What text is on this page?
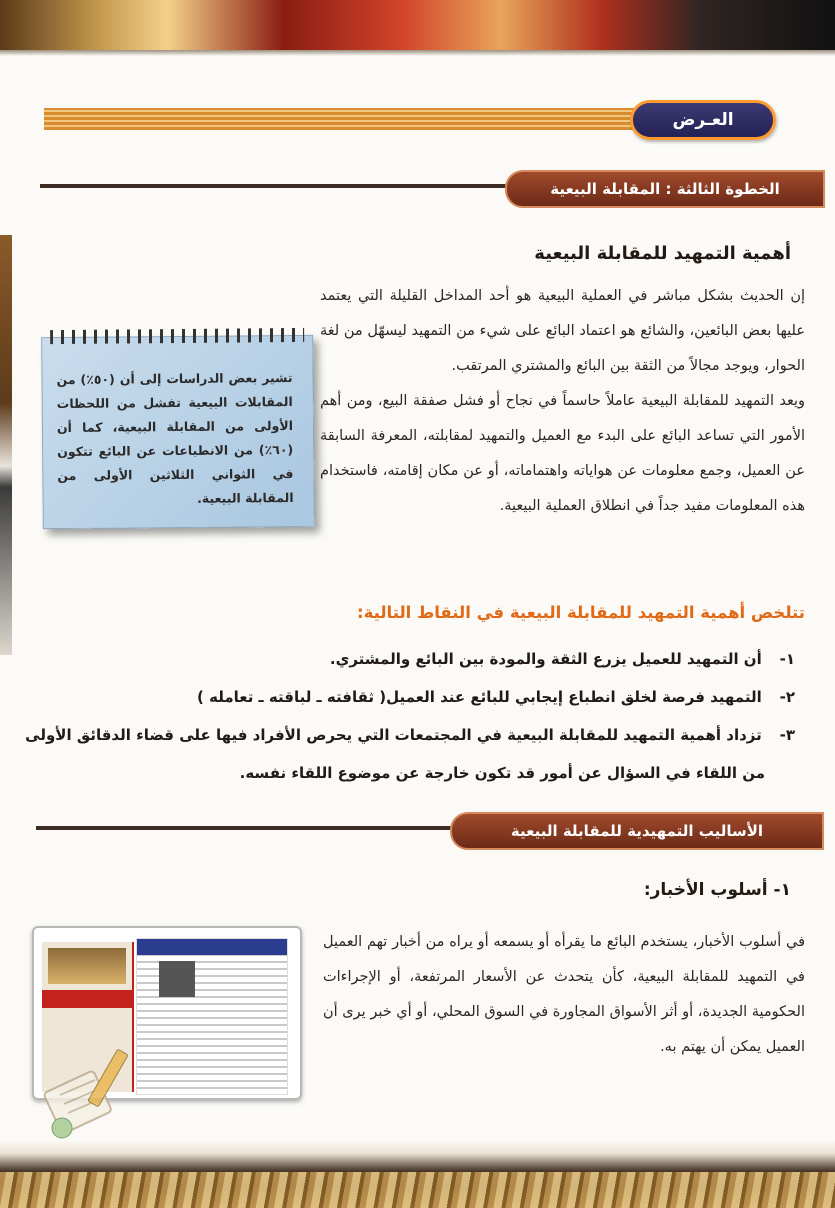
العـرض
الخطوة الثالثة : المقابلة البيعية
أهمية التمهيد للمقابلة البيعية
إن الحديث بشكل مباشر في العملية البيعية هو أحد المداخل القليلة التي يعتمد عليها بعض البائعين، والشائع هو اعتماد البائع على شيء من التمهيد ليسهّل من لغة الحوار، ويوجد مجالاً من الثقة بين البائع والمشتري المرتقب.
ويعد التمهيد للمقابلة البيعية عاملاً حاسماً في نجاح أو فشل صفقة البيع، ومن أهم الأمور التي تساعد البائع على البدء مع العميل والتمهيد لمقابلته، المعرفة السابقة عن العميل، وجمع معلومات عن هواياته واهتماماته، أو عن مكان إقامته، فاستخدام هذه المعلومات مفيد جداً في انطلاق العملية البيعية.
تشير بعض الدراسات إلى أن (٥٠٪) من المقابلات البيعية تفشل من اللحظات الأولى من المقابلة البيعية، كما أن (٦٠٪) من الانطباعات عن البائع تتكون في الثواني الثلاثين الأولى من المقابلة البيعية.
تتلخص أهمية التمهيد للمقابلة البيعية في النقاط التالية:
١- أن التمهيد للعميل يزرع الثقة والمودة بين البائع والمشتري.
٢- التمهيد فرصة لخلق انطباع إيجابي للبائع عند العميل( ثقافته ـ لباقته ـ تعامله )
٣- تزداد أهمية التمهيد للمقابلة البيعية في المجتمعات التي يحرص الأفراد فيها على قضاء الدقائق الأولى
من اللقاء في السؤال عن أمور قد تكون خارجة عن موضوع اللقاء نفسه.
الأساليب التمهيدية للمقابلة البيعية
١- أسلوب الأخبار:
في أسلوب الأخبار، يستخدم البائع ما يقرأه أو يسمعه أو يراه من أخبار تهم العميل في التمهيد للمقابلة البيعية، كأن يتحدث عن الأسعار المرتفعة، أو الإجراءات الحكومية الجديدة، أو أثر الأسواق المجاورة في السوق المحلي، أو أي خبر يرى أن العميل يمكن أن يهتم به.
